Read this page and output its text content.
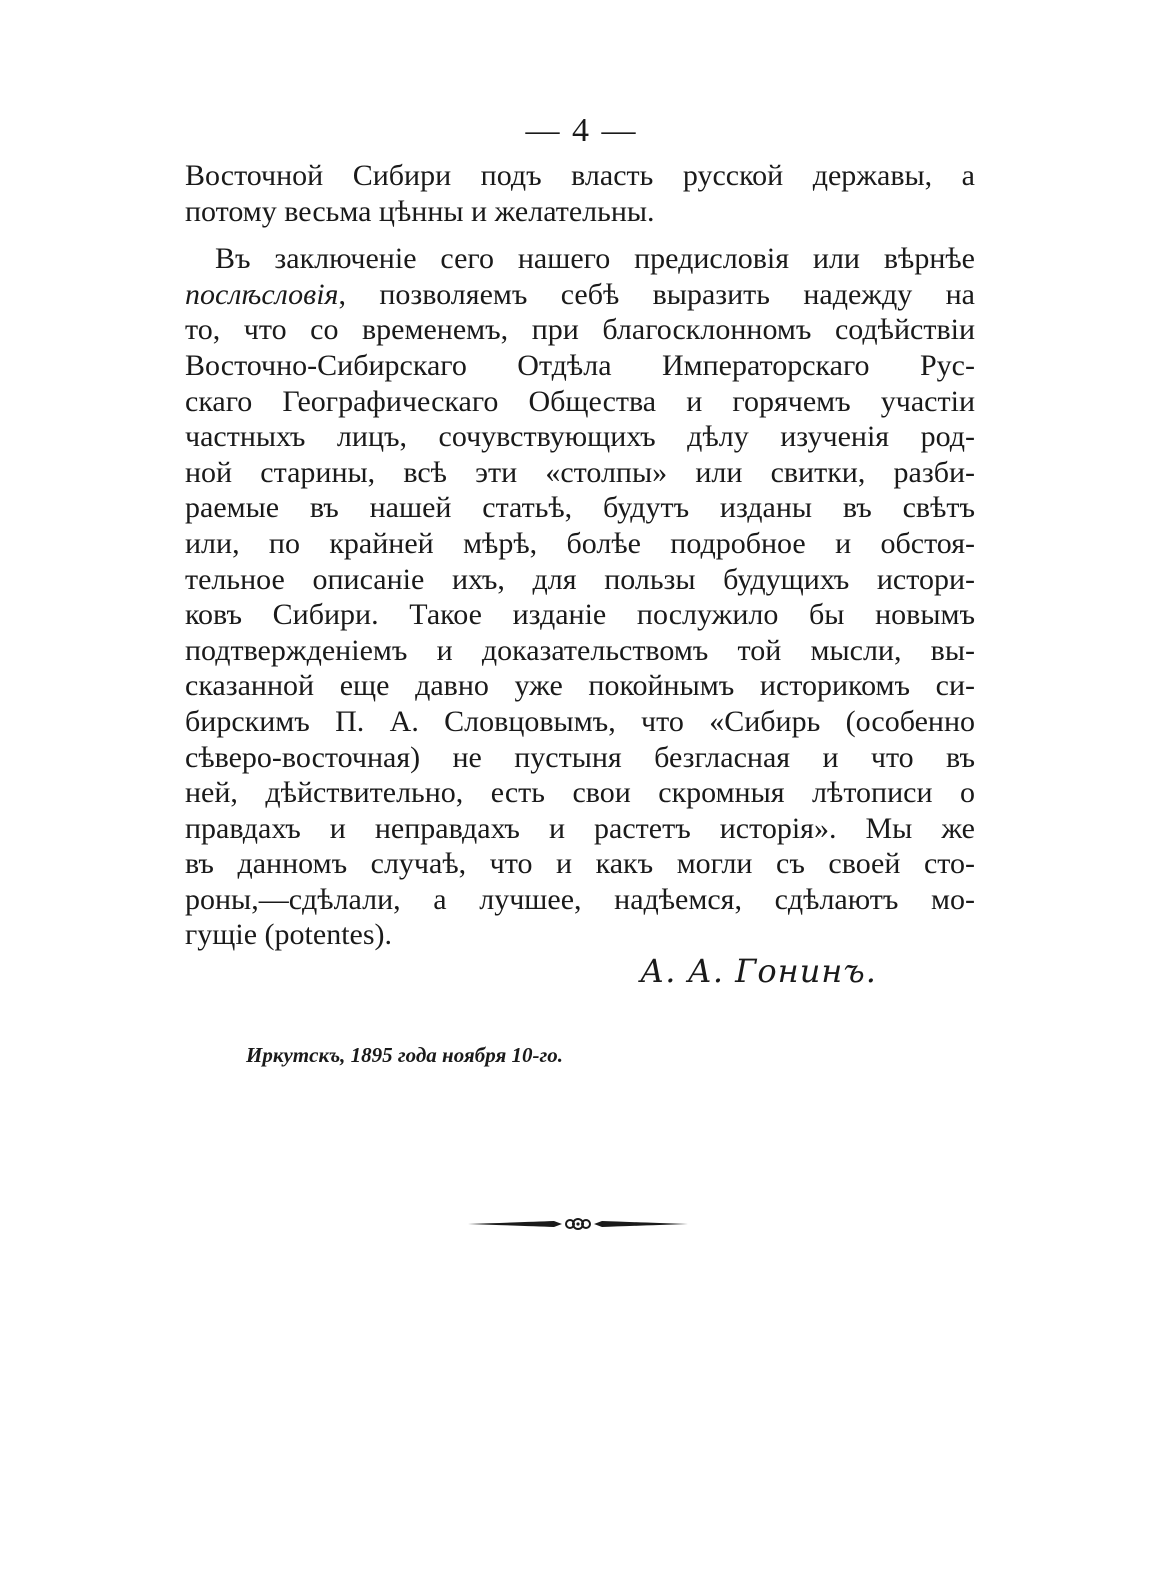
— 4 —
Восточной Сибири подъ власть русской державы, а
потому весьма цѣнны и желательны.
Въ заключеніе сего нашего предисловія или вѣрнѣе
послѣсловія, позволяемъ себѣ выразить надежду на
то, что со временемъ, при благосклонномъ содѣйствіи
Восточно-Сибирскаго Отдѣла Императорскаго Рус-
скаго Географическаго Общества и горячемъ участіи
частныхъ лицъ, сочувствующихъ дѣлу изученія род-
ной старины, всѣ эти «столпы» или свитки, разби-
раемые въ нашей статьѣ, будутъ изданы въ свѣтъ
или, по крайней мѣрѣ, болѣе подробное и обстоя-
тельное описаніе ихъ, для пользы будущихъ истори-
ковъ Сибири. Такое изданіе послужило бы новымъ
подтвержденіемъ и доказательствомъ той мысли, вы-
сказанной еще давно уже покойнымъ историкомъ си-
бирскимъ П. А. Словцовымъ, что «Сибирь (особенно
сѣверо-восточная) не пустыня безгласная и что въ
ней, дѣйствительно, есть свои скромныя лѣтописи о
правдахъ и неправдахъ и растетъ исторія». Мы же
въ данномъ случаѣ, что и какъ могли съ своей сто-
роны,—сдѣлали, а лучшее, надѣемся, сдѣлаютъ мо-
гущіе (potentes).
А. А. Гонинъ.
Иркутскъ, 1895 года ноября 10-го.
